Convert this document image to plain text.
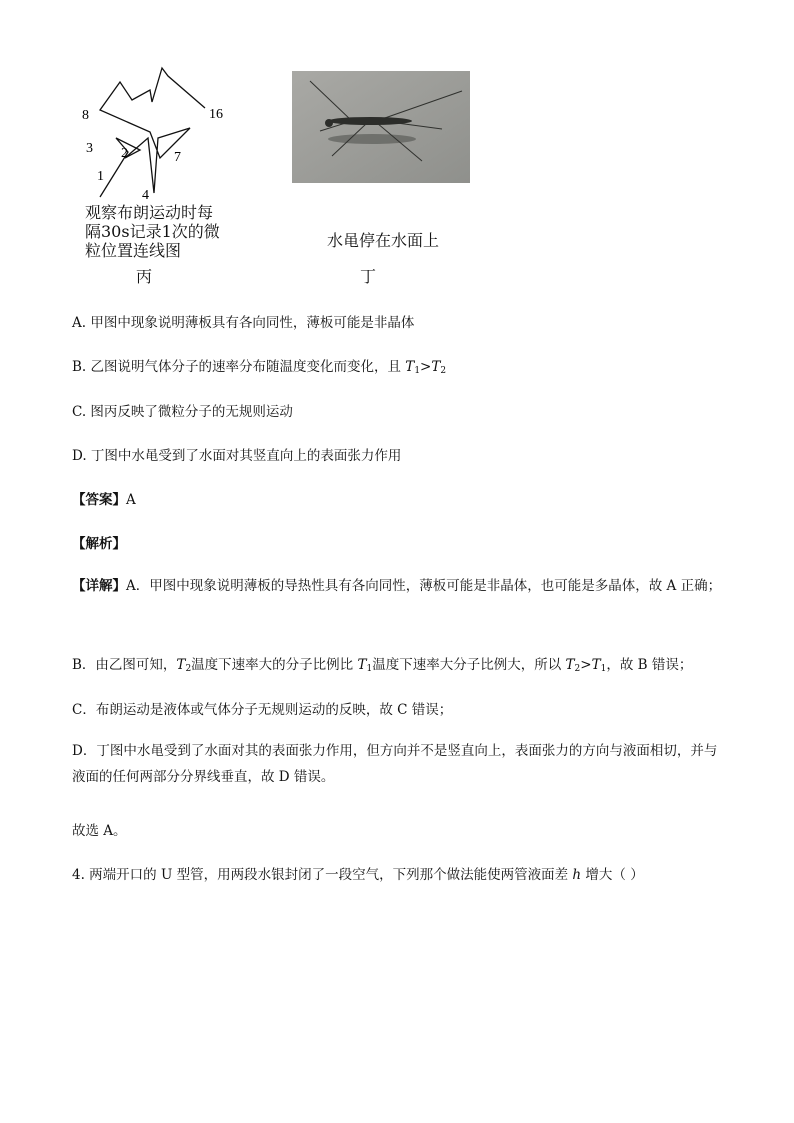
8	16
3 2	7
1
4
观察布朗运动时每
隔30s记录1次的微
粒位置连线图
丙
水黾停在水面上
丁
A. 甲图中现象说明薄板具有各向同性，薄板可能是非晶体
B. 乙图说明气体分子的速率分布随温度变化而变化，且 $T_1>T_2$
C. 图丙反映了微粒分子的无规则运动
D. 丁图中水黾受到了水面对其竖直向上的表面张力作用
【答案】A
【解析】
【详解】A．甲图中现象说明薄板的导热性具有各向同性，薄板可能是非晶体，也可能是多晶体，故 A 正确；
B．由乙图可知，$T_2$温度下速率大的分子比例比 $T_1$温度下速率大分子比例大，所以 $T_2>T_1$，故 B 错误；
C．布朗运动是液体或气体分子无规则运动的反映，故 C 错误；
D．丁图中水黾受到了水面对其的表面张力作用，但方向并不是竖直向上，表面张力的方向与液面相切，并与液面的任何两部分分界线垂直，故 D 错误。
故选 A。
4. 两端开口的 U 型管，用两段水银封闭了一段空气，下列那个做法能使两管液面差 h 增大（ ）
